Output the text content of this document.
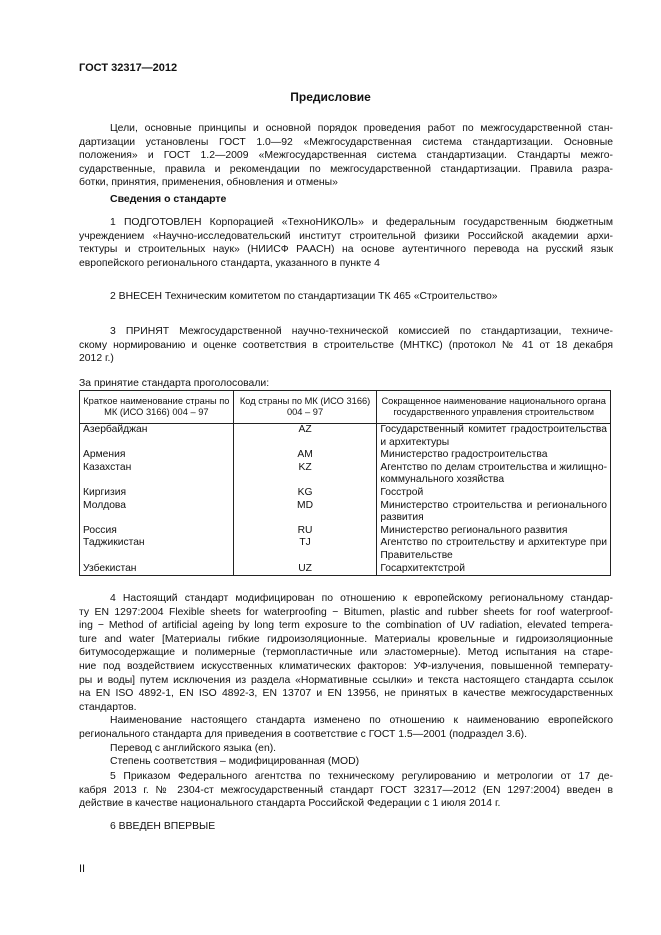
ГОСТ 32317—2012
Предисловие
Цели, основные принципы и основной порядок проведения работ по межгосударственной стан-
дартизации установлены ГОСТ 1.0—92 «Межгосударственная система стандартизации. Основные
положения» и ГОСТ 1.2—2009 «Межгосударственная система стандартизации. Стандарты межго-
сударственные, правила и рекомендации по межгосударственной стандартизации. Правила разра-
ботки, принятия, применения, обновления и отмены»
Сведения о стандарте
1 ПОДГОТОВЛЕН Корпорацией «ТехноНИКОЛЬ» и федеральным государственным бюджетным
учреждением «Научно-исследовательский институт строительной физики Российской академии архи-
тектуры и строительных наук» (НИИСФ РААСН) на основе аутентичного перевода на русский язык
европейского регионального стандарта, указанного в пункте 4
2 ВНЕСЕН Техническим комитетом по стандартизации ТК 465 «Строительство»
3 ПРИНЯТ Межгосударственной научно-технической комиссией по стандартизации, техниче-
скому нормированию и оценке соответствия в строительстве (МНТКС) (протокол № 41 от 18 декабря
2012 г.)
За принятие стандарта проголосовали:
Краткое наименование страны по МК (ИСО 3166) 004 – 97	Код страны по МК (ИСО 3166) 004 – 97	Сокращенное наименование национального органа государственного управления строительством
Азербайджан	AZ	Государственный комитет градостроительства и архитектуры
Армения	AM	Министерство градостроительства
Казахстан	KZ	Агентство по делам строительства и жилищно-коммунального хозяйства
Киргизия	KG	Госстрой
Молдова	MD	Министерство строительства и регионального развития
Россия	RU	Министерство регионального развития
Таджикистан	TJ	Агентство по строительству и архитектуре при Правительстве
Узбекистан	UZ	Госархитектстрой
4 Настоящий стандарт модифицирован по отношению к европейскому региональному стандар-
ту EN 1297:2004 Flexible sheets for waterproofing − Bitumen, plastic and rubber sheets for roof waterproof-
ing − Method of artificial ageing by long term exposure to the combination of UV radiation, elevated tempera-
ture and water [Материалы гибкие гидроизоляционные. Материалы кровельные и гидроизоляционные
битумосодержащие и полимерные (термопластичные или эластомерные). Метод испытания на старе-
ние под воздействием искусственных климатических факторов: УФ-излучения, повышенной температу-
ры и воды] путем исключения из раздела «Нормативные ссылки» и текста настоящего стандарта ссылок
на EN ISO 4892-1, EN ISO 4892-3, EN 13707 и EN 13956, не принятых в качестве межгосударственных
стандартов.
Наименование настоящего стандарта изменено по отношению к наименованию европейского
регионального стандарта для приведения в соответствие с ГОСТ 1.5—2001 (подраздел 3.6).
Перевод с английского языка (en).
Степень соответствия – модифицированная (MOD)
5 Приказом Федерального агентства по техническому регулированию и метрологии от 17 де-
кабря 2013 г. № 2304-ст межгосударственный стандарт ГОСТ 32317—2012 (EN 1297:2004) введен в
действие в качестве национального стандарта Российской Федерации с 1 июля 2014 г.
6 ВВЕДЕН ВПЕРВЫЕ
II
